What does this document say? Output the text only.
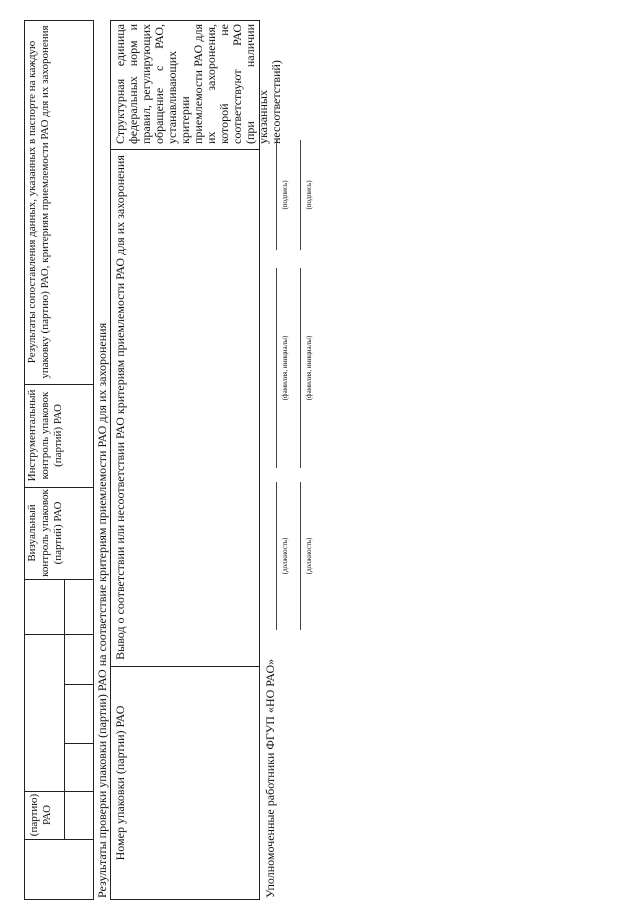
(партию) РАО
Визуальный контроль упаковок (партий) РАО
Инструментальный контроль упаковок (партий) РАО
Результаты сопоставления данных, указанных в паспорте на каждую упаковку (партию) РАО, критериям приемлемости РАО для их захоронения
Результаты проверки упаковки (партии) РАО на соответствие критериям приемлемости РАО для их захоронения Номер упаковки (партии) РАО
Вывод о соответствии или несоответствии РАО критериям приемлемости РАО для их захоронения
Структурная единица федеральных норм и правил, регулирующих обращение с РАО, устанавливающих критерии приемлемости РАО для их захоронения, которой не соответствуют РАО (при наличии указанных несоответствий)
Уполномоченные работники ФГУП «НО РАО»
(должность)
(фамилия, инициалы)
(подпись)
(должность)
(фамилия, инициалы)
(подпись)
